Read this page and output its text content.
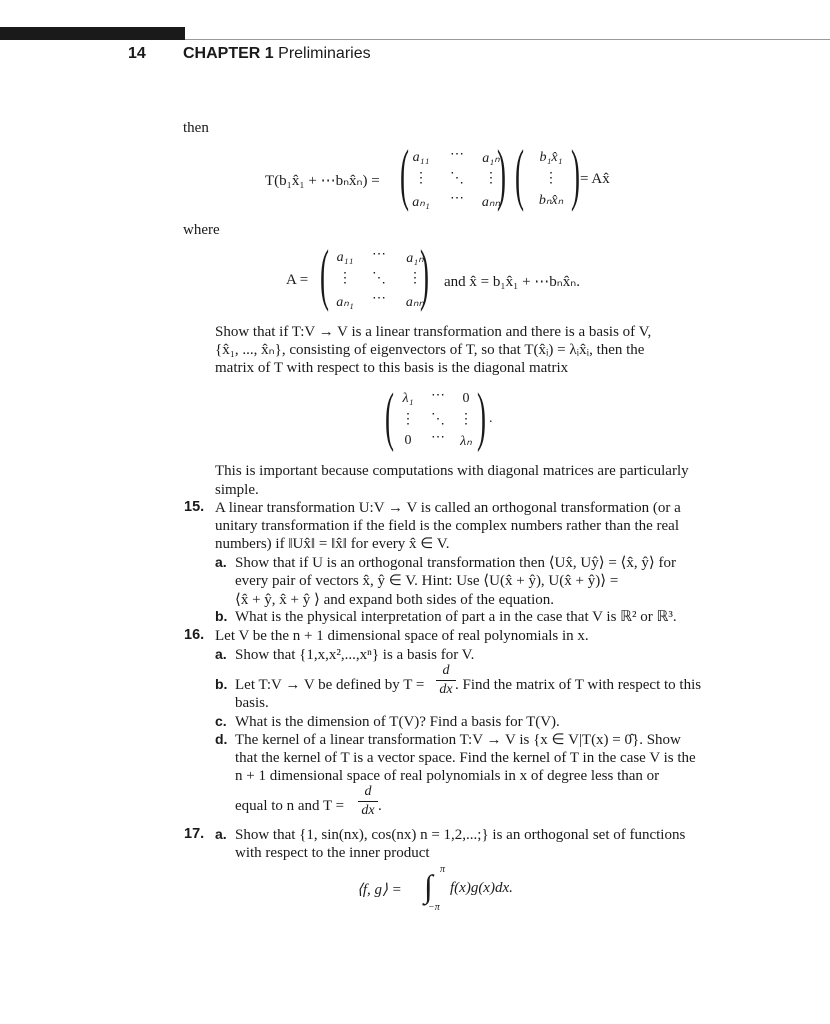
14 CHAPTER 1 Preliminaries
then
T(b₁x̂₁ + ⋯bₙx̂ₙ) = (	)
a₁₁	⋯	a₁ₙ
⋮	⋱	⋮
aₙ₁	⋯	aₙₙ ( )
b₁x̂₁
⋮
bₙx̂ₙ
= Ax̂
where
A = (	)
a₁₁	⋯	a₁ₙ
⋮	⋱	⋮
aₙ₁	⋯	aₙₙ
and x̂ = b₁x̂₁ + ⋯bₙx̂ₙ.
Show that if T:V → V is a linear transformation and there is a basis of V,
{x̂₁, ..., x̂ₙ}, consisting of eigenvectors of T, so that T(x̂ᵢ) = λᵢx̂ᵢ, then the
matrix of T with respect to this basis is the diagonal matrix
(	)
λ₁	⋯	0
⋮	⋱	⋮
0	⋯	λₙ
.
This is important because computations with diagonal matrices are particularly
simple.
15. A linear transformation U:V → V is called an orthogonal transformation (or a
unitary transformation if the field is the complex numbers rather than the real
numbers) if ‖Ux̂‖ = ‖x̂‖ for every x̂ ∈ V.
a. Show that if U is an orthogonal transformation then ⟨Ux̂, Uŷ⟩ = ⟨x̂, ŷ⟩ for
every pair of vectors x̂, ŷ ∈ V. Hint: Use ⟨U(x̂ + ŷ), U(x̂ + ŷ)⟩ =
⟨x̂ + ŷ, x̂ + ŷ ⟩ and expand both sides of the equation.
b. What is the physical interpretation of part a in the case that V is ℝ² or ℝ³.
16. Let V be the n + 1 dimensional space of real polynomials in x.
a. Show that {1,x,x²,...,xⁿ} is a basis for V.
b. Let T:V → V be defined by T =
d
dx . Find the matrix of T with respect to this
basis.
c. What is the dimension of T(V)? Find a basis for T(V).
d. The kernel of a linear transformation T:V → V is {x ∈ V|T(x) = 0̂}. Show
that the kernel of T is a vector space. Find the kernel of T in the case V is the
n + 1 dimensional space of real polynomials in x of degree less than or
equal to n and T =
d
dx .
17. a. Show that {1, sin(nx), cos(nx) n = 1,2,...;} is an orthogonal set of functions
with respect to the inner product
⟨f, g⟩ = ∫ π
−π
f(x)g(x)dx.
